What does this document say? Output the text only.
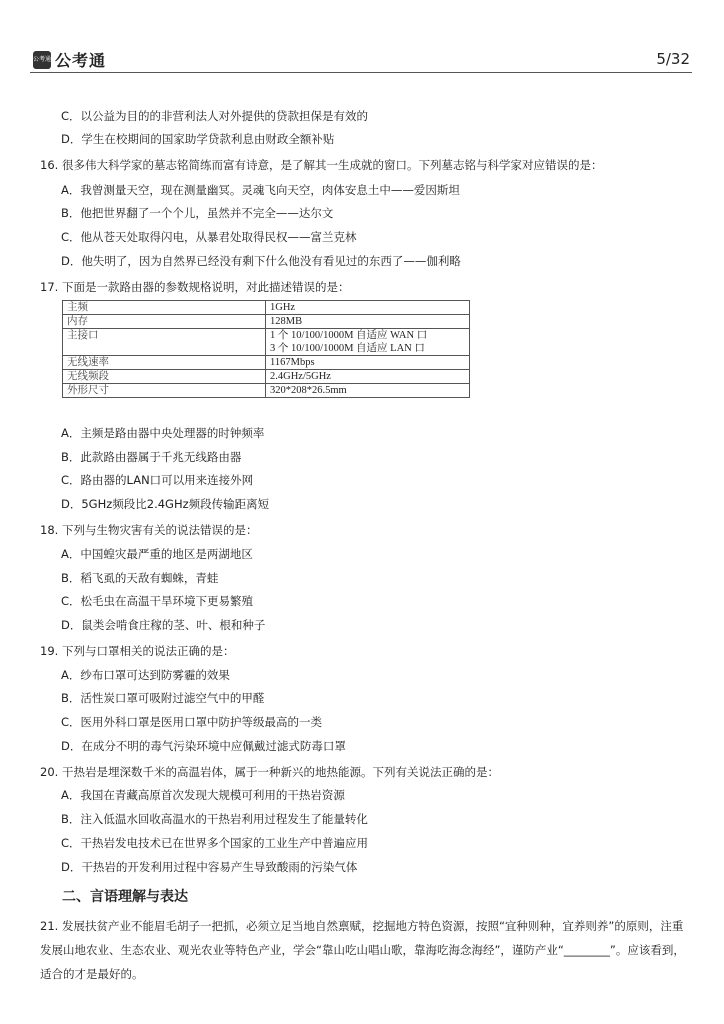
公考通 公考通	5/32
C．以公益为目的的非营利法人对外提供的贷款担保是有效的
D．学生在校期间的国家助学贷款利息由财政全额补贴
16. 很多伟大科学家的墓志铭简练而富有诗意，是了解其一生成就的窗口。下列墓志铭与科学家对应错误的是：
A．我曾测量天空，现在测量幽冥。灵魂飞向天空，肉体安息土中——爱因斯坦
B．他把世界翻了一个个儿，虽然并不完全——达尔文
C．他从苍天处取得闪电，从暴君处取得民权——富兰克林
D．他失明了，因为自然界已经没有剩下什么他没有看见过的东西了——伽利略
17. 下面是一款路由器的参数规格说明，对此描述错误的是：
主频	1GHz
内存	128MB
主接口	1 个 10/100/1000M 自适应 WAN 口
3 个 10/100/1000M 自适应 LAN 口

无线速率	1167Mbps
无线频段	2.4GHz/5GHz
外形尺寸	320*208*26.5mm
A．主频是路由器中央处理器的时钟频率
B．此款路由器属于千兆无线路由器
C．路由器的LAN口可以用来连接外网
D．5GHz频段比2.4GHz频段传输距离短
18. 下列与生物灾害有关的说法错误的是：
A．中国蝗灾最严重的地区是两湖地区
B．稻飞虱的天敌有蜘蛛，青蛙
C．松毛虫在高温干旱环境下更易繁殖
D．鼠类会啃食庄稼的茎、叶、根和种子
19. 下列与口罩相关的说法正确的是：
A．纱布口罩可达到防雾霾的效果
B．活性炭口罩可吸附过滤空气中的甲醛
C．医用外科口罩是医用口罩中防护等级最高的一类
D．在成分不明的毒气污染环境中应佩戴过滤式防毒口罩
20. 干热岩是埋深数千米的高温岩体，属于一种新兴的地热能源。下列有关说法正确的是：
A．我国在青藏高原首次发现大规模可利用的干热岩资源
B．注入低温水回收高温水的干热岩利用过程发生了能量转化
C．干热岩发电技术已在世界多个国家的工业生产中普遍应用
D．干热岩的开发利用过程中容易产生导致酸雨的污染气体
二、言语理解与表达
21. 发展扶贫产业不能眉毛胡子一把抓，必须立足当地自然禀赋，挖掘地方特色资源，按照“宜种则种，宜养则养”的原则，注重发展山地农业、生态农业、观光农业等特色产业，学会“靠山吃山唱山歌，靠海吃海念海经”，谨防产业“________”。应该看到，适合的才是最好的。
